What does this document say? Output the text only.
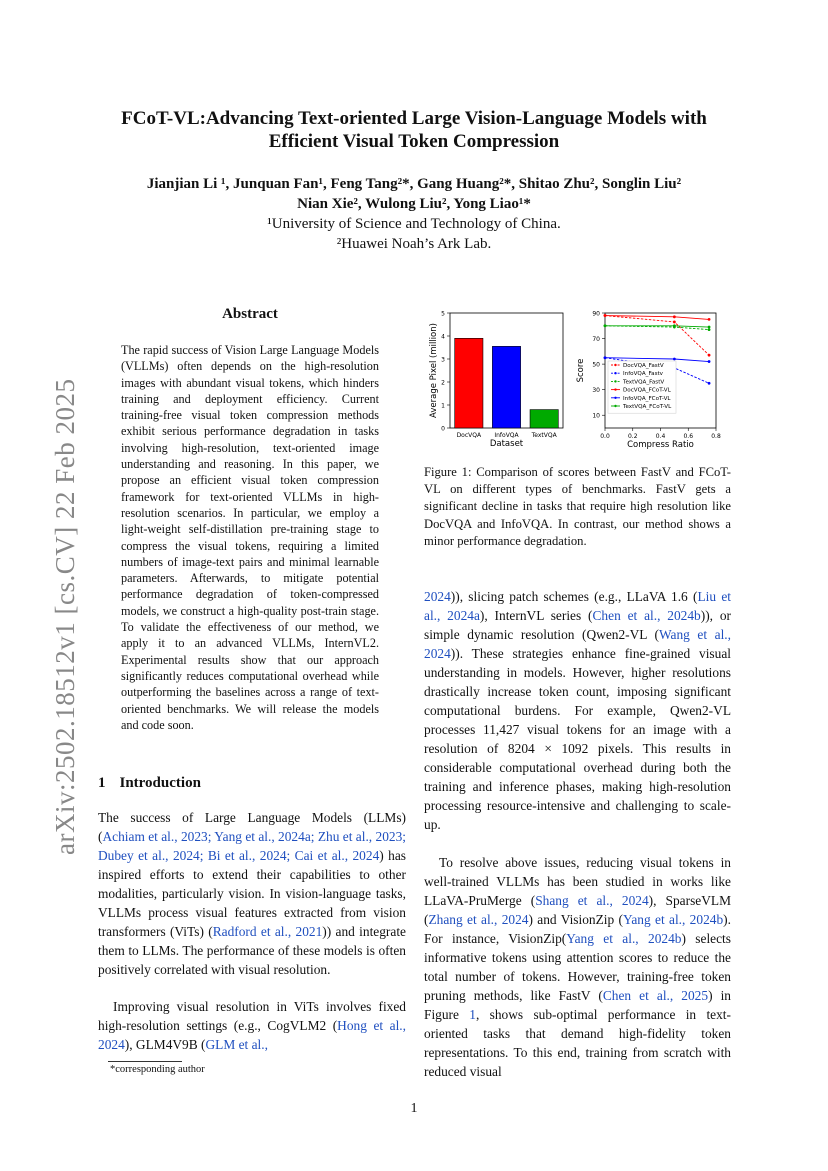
arXiv:2502.18512v1 [cs.CV] 22 Feb 2025
FCoT-VL:Advancing Text-oriented Large Vision-Language Models with
Efficient Visual Token Compression
Jianjian Li ¹, Junquan Fan¹, Feng Tang²*, Gang Huang²*, Shitao Zhu², Songlin Liu²
Nian Xie², Wulong Liu², Yong Liao¹*
¹University of Science and Technology of China.
²Huawei Noah’s Ark Lab.
Abstract
The rapid success of Vision Large Language Models (VLLMs) often depends on the high-resolution images with abundant visual tokens, which hinders training and deployment efficiency. Current training-free visual token compression methods exhibit serious performance degradation in tasks involving high-resolution, text-oriented image understanding and reasoning. In this paper, we propose an efficient visual token compression framework for text-oriented VLLMs in high-resolution scenarios. In particular, we employ a light-weight self-distillation pre-training stage to compress the visual tokens, requiring a limited numbers of image-text pairs and minimal learnable parameters. Afterwards, to mitigate potential performance degradation of token-compressed models, we construct a high-quality post-train stage. To validate the effectiveness of our method, we apply it to an advanced VLLMs, InternVL2. Experimental results show that our approach significantly reduces computational overhead while outperforming the baselines across a range of text-oriented benchmarks. We will release the models and code soon.
1 Introduction
The success of Large Language Models (LLMs) (Achiam et al., 2023; Yang et al., 2024a; Zhu et al., 2023; Dubey et al., 2024; Bi et al., 2024; Cai et al., 2024) has inspired efforts to extend their capabilities to other modalities, particularly vision. In vision-language tasks, VLLMs process visual features extracted from vision transformers (ViTs) (Radford et al., 2021)) and integrate them to LLMs. The performance of these models is often positively correlated with visual resolution.
Improving visual resolution in ViTs involves fixed high-resolution settings (e.g., CogVLM2 (Hong et al., 2024), GLM4V9B (GLM et al.,
2024)), slicing patch schemes (e.g., LLaVA 1.6 (Liu et al., 2024a), InternVL series (Chen et al., 2024b)), or simple dynamic resolution (Qwen2-VL (Wang et al., 2024)). These strategies enhance fine-grained visual understanding in models. However, higher resolutions drastically increase token count, imposing significant computational burdens. For example, Qwen2-VL processes 11,427 visual tokens for an image with a resolution of 8204 × 1092 pixels. This results in considerable computational overhead during both the training and inference phases, making high-resolution processing resource-intensive and challenging to scale-up.
To resolve above issues, reducing visual tokens in well-trained VLLMs has been studied in works like LLaVA-PruMerge (Shang et al., 2024), SparseVLM (Zhang et al., 2024) and VisionZip (Yang et al., 2024b). For instance, VisionZip(Yang et al., 2024b) selects informative tokens using attention scores to reduce the total number of tokens. However, training-free token pruning methods, like FastV (Chen et al., 2025) in Figure 1, shows sub-optimal performance in text-oriented tasks that demand high-fidelity token representations. To this end, training from scratch with reduced visual
0
1
2
3
4
5
DocVQA InfoVQA TextVQA
Dataset
Average Pixel (million)	10
30
50
70
90
0.0	0.2	0.4	0.6	0.8
Compress Ratio
Score	DocVQA_FastV
InfoVQA_Fastv
TextVQA_FastV
DocVQA_FCoT-VL
InfoVQA_FCoT-VL
TextVQA_FCoT-VL
Figure 1: Comparison of scores between FastV and FCoT-VL on different types of benchmarks. FastV gets a significant decline in tasks that require high resolution like DocVQA and InfoVQA. In contrast, our method shows a minor performance degradation.
*corresponding author
1
